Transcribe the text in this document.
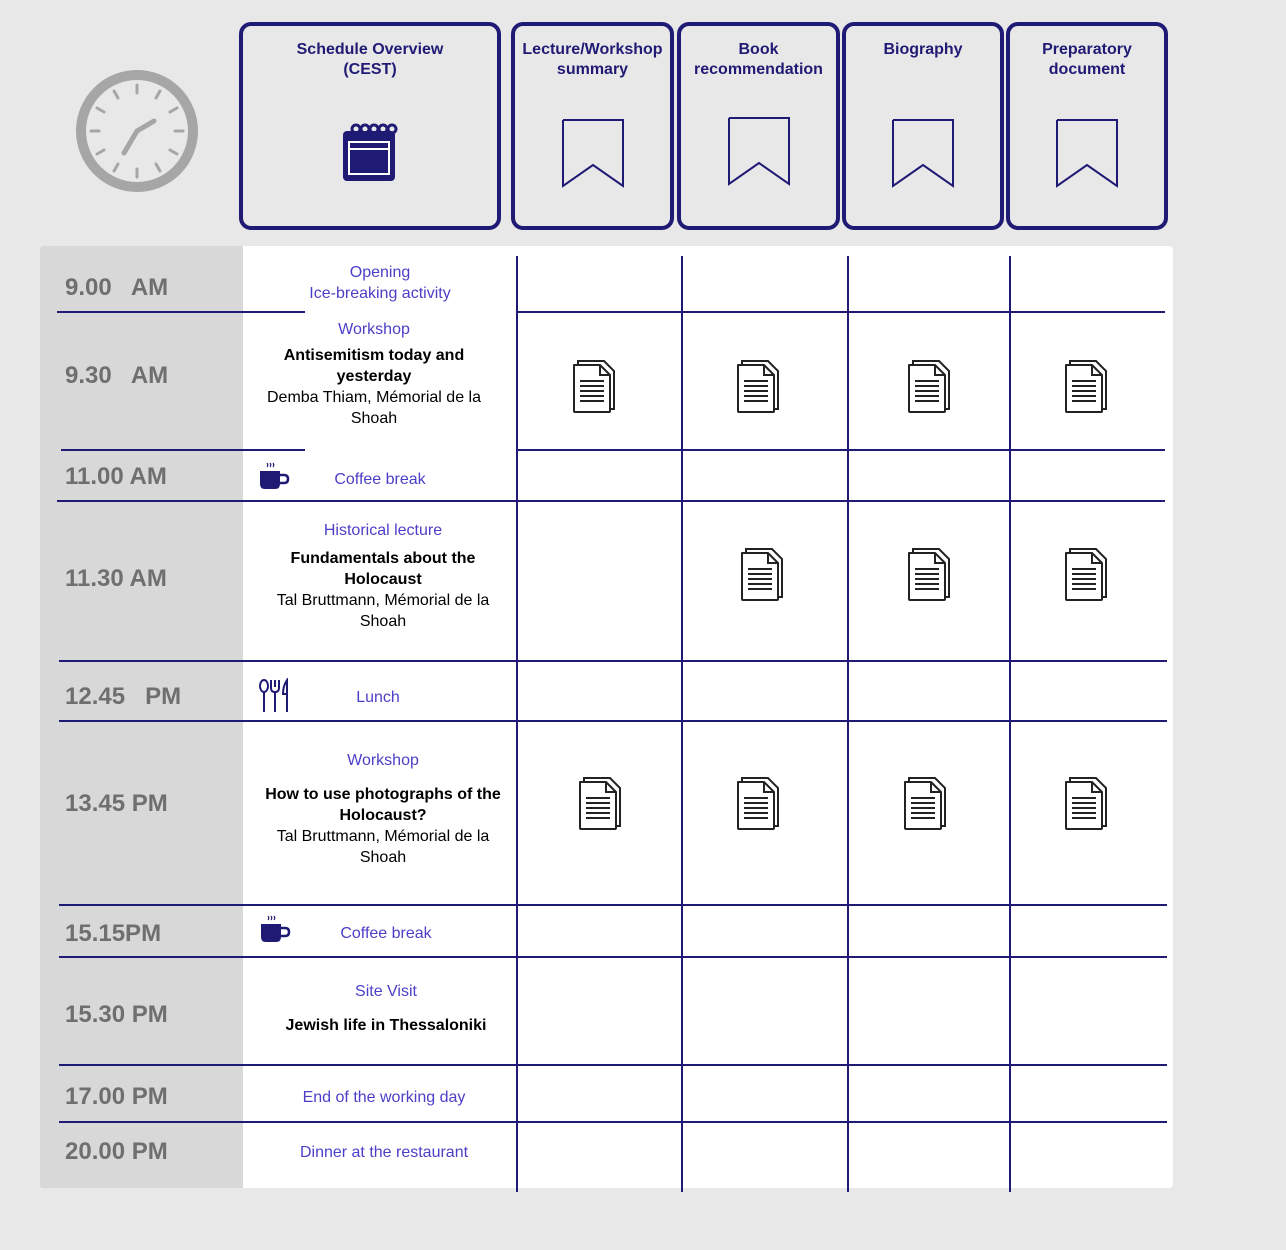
Schedule Overview
(CEST)
Lecture/Workshop
summary
Book
recommendation
Biography	Preparatory
document
9.00   AM
9.30   AM
11.00 AM
11.30 AM
12.45   PM
13.45 PM
15.15PM
15.30 PM
17.00 PM
20.00 PM
Opening
Ice-breaking activity
Workshop
Antisemitism today and yesterday
Demba Thiam, Mémorial de la Shoah
Coffee break
Historical lecture
Fundamentals about the Holocaust
Tal Bruttmann, Mémorial de la Shoah
Lunch
Workshop
How to use photographs of the Holocaust?
Tal Bruttmann, Mémorial de la Shoah
Coffee break
Site Visit
Jewish life in Thessaloniki
End of the working day
Dinner at the restaurant
